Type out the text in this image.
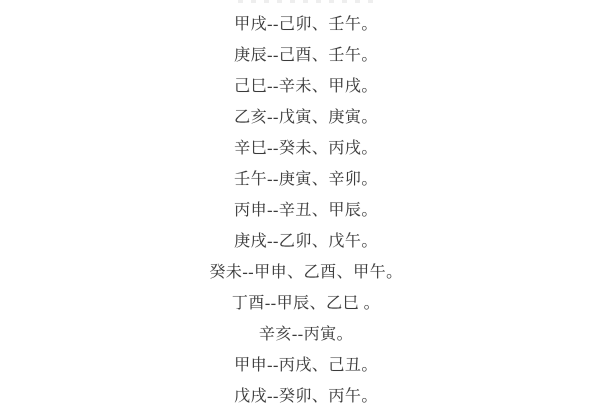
甲戌--己卯、壬午。

庚辰--己酉、壬午。

己巳--辛未、甲戌。

乙亥--戊寅、庚寅。

辛巳--癸未、丙戌。

壬午--庚寅、辛卯。

丙申--辛丑、甲辰。

庚戌--乙卯、戊午。

癸未--甲申、乙酉、甲午。

丁酉--甲辰、乙巳 。

辛亥--丙寅。

甲申--丙戌、己丑。

戊戌--癸卯、丙午。
